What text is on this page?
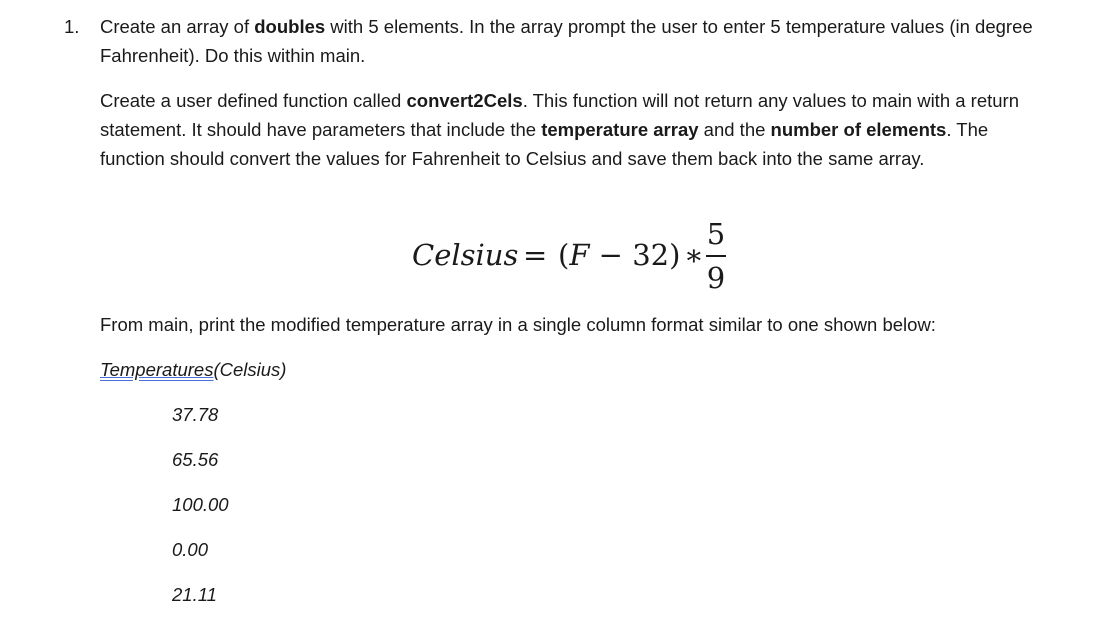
1. Create an array of doubles with 5 elements. In the array prompt the user to enter 5 temperature values (in degree Fahrenheit). Do this within main.

Create a user defined function called convert2Cels. This function will not return any values to main with a return statement. It should have parameters that include the temperature array and the number of elements. The function should convert the values for Fahrenheit to Celsius and save them back into the same array.

Celsius = (F − 32) ∗
5
9

From main, print the modified temperature array in a single column format similar to one shown below:

Temperatures(Celsius)
37.78
65.56
100.00
0.00
21.11
